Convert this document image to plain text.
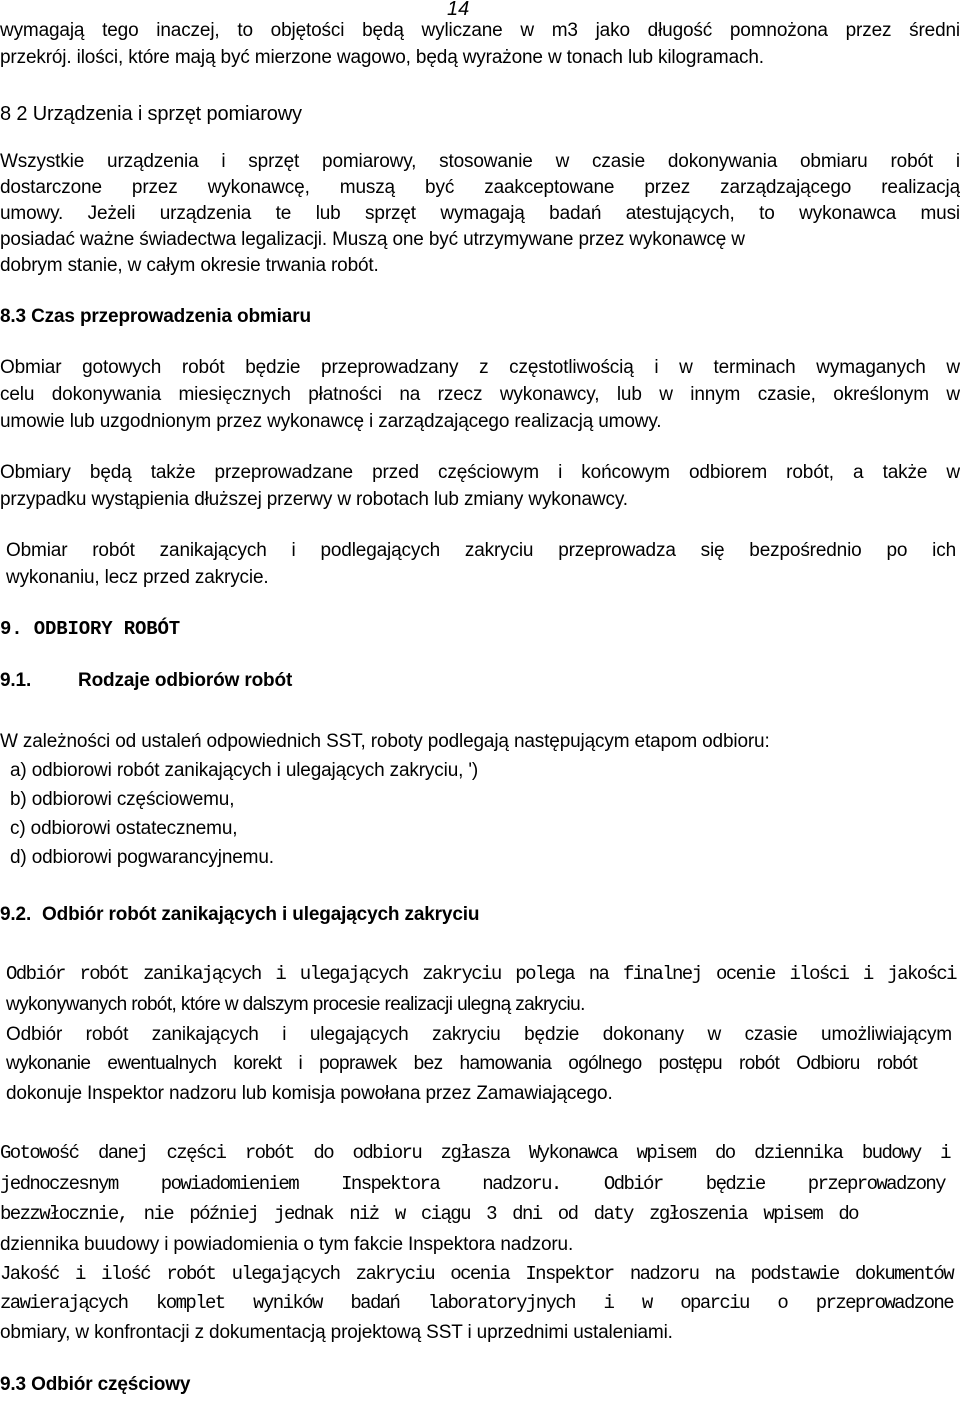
14

wymagają tego inaczej, to objętości będą wyliczane w m3 jako długość pomnożona przez średni

przekrój. ilości, które mają być mierzone wagowo, będą wyrażone w tonach lub kilogramach.

8 2 Urządzenia i sprzęt pomiarowy

Wszystkie urządzenia i sprzęt pomiarowy, stosowanie w czasie dokonywania obmiaru robót i

dostarczone przez wykonawcę, muszą być zaakceptowane przez zarządzającego realizacją

umowy. Jeżeli urządzenia te lub sprzęt wymagają badań atestujących, to wykonawca musi

posiadać ważne świadectwa legalizacji. Muszą one być utrzymywane przez wykonawcę w

dobrym stanie, w całym okresie trwania robót.

8.3 Czas przeprowadzenia obmiaru

Obmiar gotowych robót będzie przeprowadzany z częstotliwością i w terminach wymaganych w

celu dokonywania miesięcznych płatności na rzecz wykonawcy, lub w innym czasie, określonym w

umowie lub uzgodnionym przez wykonawcę i zarządzającego realizacją umowy.

Obmiary będą także przeprowadzane przed częściowym i końcowym odbiorem robót, a także w

przypadku wystąpienia dłuższej przerwy w robotach lub zmiany wykonawcy.

Obmiar robót zanikających i podlegających zakryciu przeprowadza się bezpośrednio po ich

wykonaniu, lecz przed zakrycie.

9. ODBIORY ROBÓT

9.1. Rodzaje odbiorów robót

W zależności od ustaleń odpowiednich SST, roboty podlegają następującym etapom odbioru:

a) odbiorowi robót zanikających i ulegających zakryciu, ')

b) odbiorowi częściowemu,

c) odbiorowi ostatecznemu,

d) odbiorowi pogwarancyjnemu.

9.2. Odbiór robót zanikających i ulegających zakryciu

Odbiór robót zanikających i ulegających zakryciu polega na finalnej ocenie ilości i jakości

wykonywanych robót, które w dalszym procesie realizacji ulegną zakryciu.

Odbiór robót zanikających i ulegających zakryciu będzie dokonany w czasie umożliwiającym

wykonanie ewentualnych korekt i poprawek bez hamowania ogólnego postępu robót Odbioru robót

dokonuje Inspektor nadzoru lub komisja powołana przez Zamawiającego.

Gotowość danej części robót do odbioru zgłasza Wykonawca wpisem do dziennika budowy i

jednoczesnym powiadomieniem Inspektora nadzoru. Odbiór będzie przeprowadzony

bezzwłocznie, nie później jednak niż w ciągu 3 dni od daty zgłoszenia wpisem do

dziennika buudowy i powiadomienia o tym fakcie Inspektora nadzoru.

Jakość i ilość robót ulegających zakryciu ocenia Inspektor nadzoru na podstawie dokumentów

zawierających komplet wyników badań laboratoryjnych i w oparciu o przeprowadzone

obmiary, w konfrontacji z dokumentacją projektową SST i uprzednimi ustaleniami.

9.3 Odbiór częściowy
